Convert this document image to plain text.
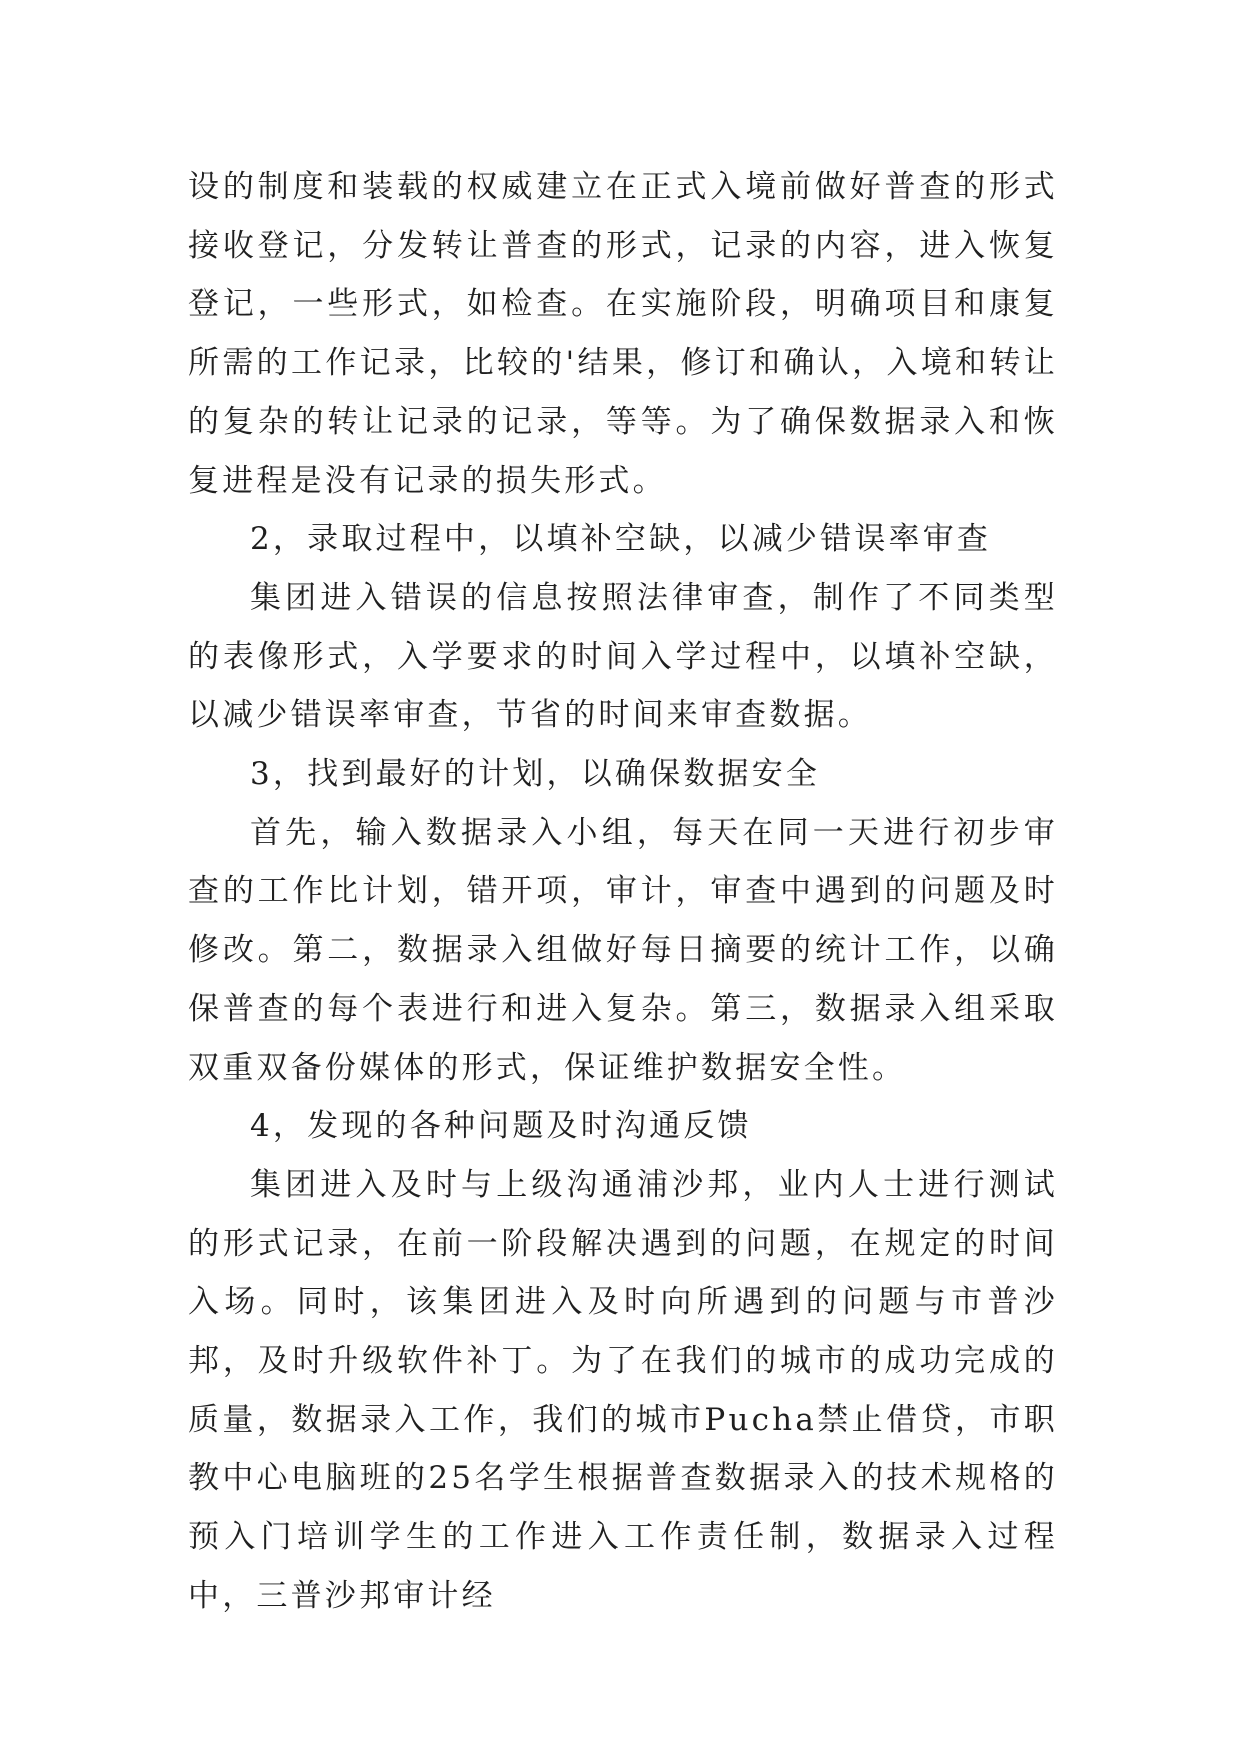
设的制度和装载的权威建立在正式入境前做好普查的形式接收登记，分发转让普查的形式，记录的内容，进入恢复登记，一些形式，如检查。在实施阶段，明确项目和康复所需的工作记录，比较的'结果，修订和确认，入境和转让的复杂的转让记录的记录，等等。为了确保数据录入和恢复进程是没有记录的损失形式。

2，录取过程中，以填补空缺，以减少错误率审查

集团进入错误的信息按照法律审查，制作了不同类型的表像形式，入学要求的时间入学过程中，以填补空缺，以减少错误率审查，节省的时间来审查数据。

3，找到最好的计划，以确保数据安全

首先，输入数据录入小组，每天在同一天进行初步审查的工作比计划，错开项，审计，审查中遇到的问题及时修改。第二，数据录入组做好每日摘要的统计工作，以确保普查的每个表进行和进入复杂。第三，数据录入组采取双重双备份媒体的形式，保证维护数据安全性。

4，发现的各种问题及时沟通反馈

集团进入及时与上级沟通浦沙邦，业内人士进行测试的形式记录，在前一阶段解决遇到的问题，在规定的时间入场。同时，该集团进入及时向所遇到的问题与市普沙邦，及时升级软件补丁。为了在我们的城市的成功完成的质量，数据录入工作，我们的城市Pucha禁止借贷，市职教中心电脑班的25名学生根据普查数据录入的技术规格的预入门培训学生的工作进入工作责任制，数据录入过程中，三普沙邦审计经
